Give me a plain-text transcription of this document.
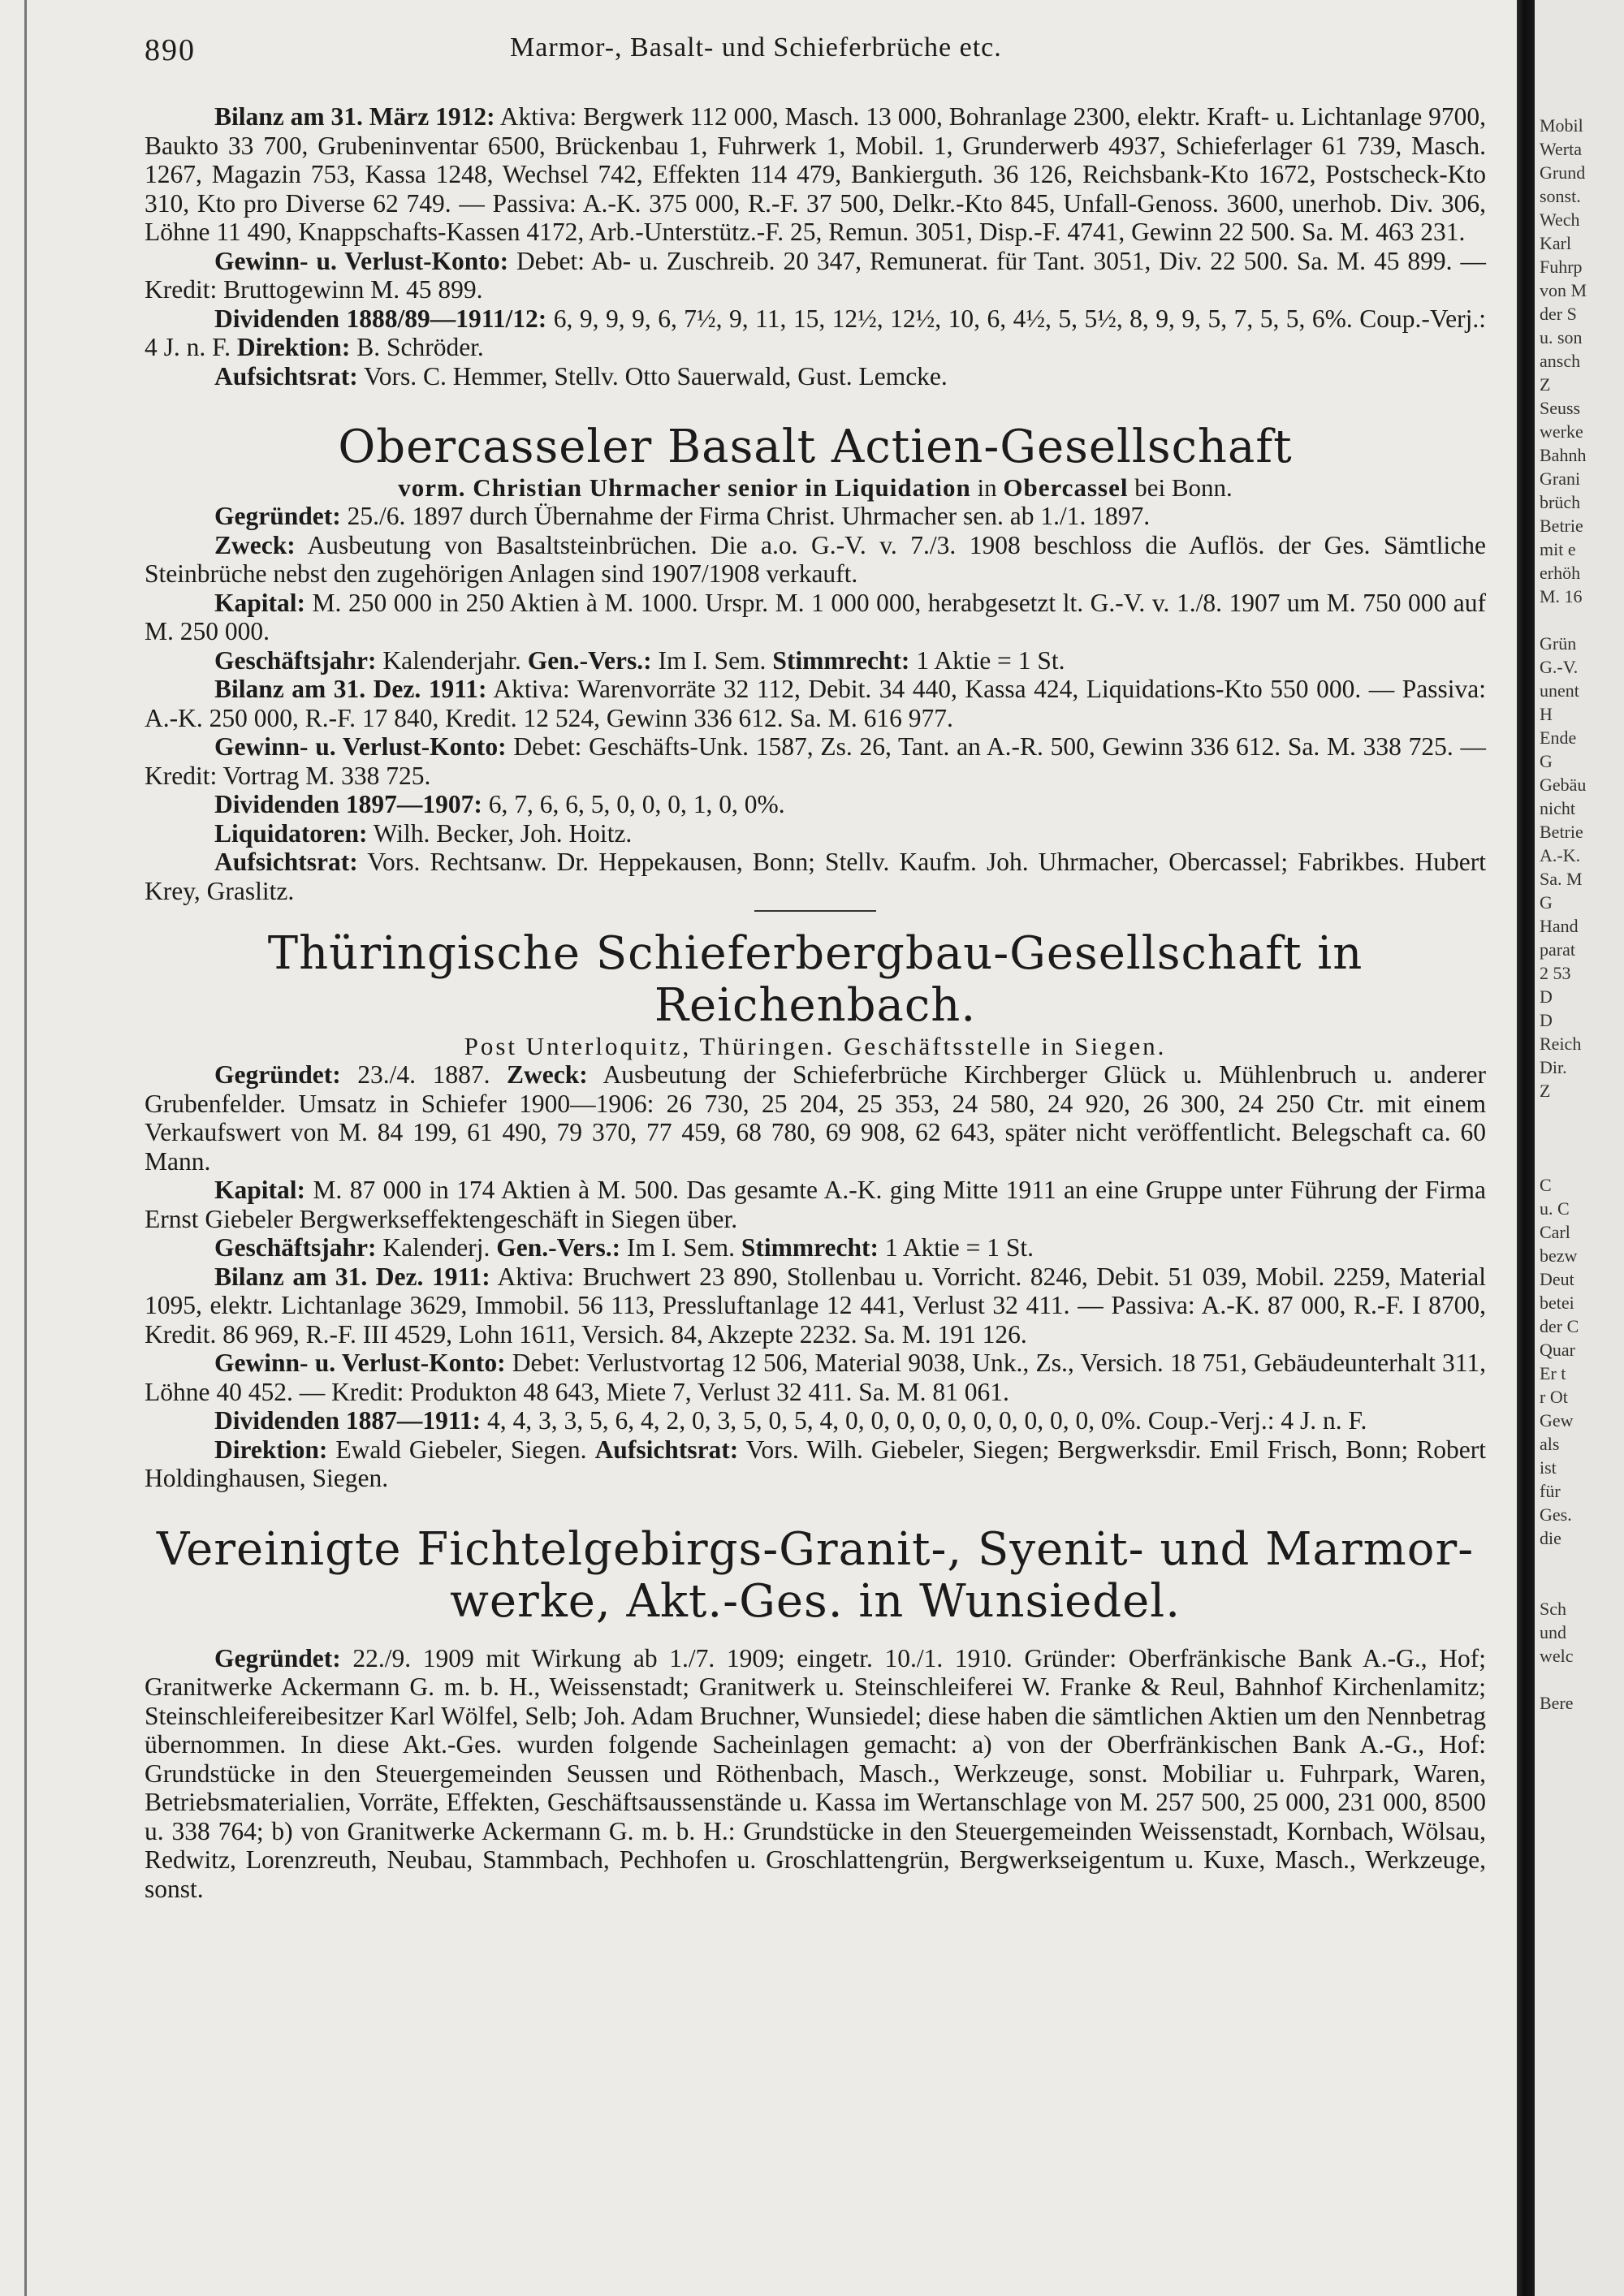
890	Marmor-, Basalt- und Schieferbrüche etc.

Bilanz am 31. März 1912: Aktiva: Bergwerk 112 000, Masch. 13 000, Bohranlage 2300, elektr. Kraft- u. Lichtanlage 9700, Baukto 33 700, Grubeninventar 6500, Brückenbau 1, Fuhrwerk 1, Mobil. 1, Grunderwerb 4937, Schieferlager 61 739, Masch. 1267, Magazin 753, Kassa 1248, Wechsel 742, Effekten 114 479, Bankierguth. 36 126, Reichsbank-Kto 1672, Postscheck-Kto 310, Kto pro Diverse 62 749. — Passiva: A.-K. 375 000, R.-F. 37 500, Delkr.-Kto 845, Unfall-Genoss. 3600, unerhob. Div. 306, Löhne 11 490, Knappschafts-Kassen 4172, Arb.-Unterstütz.-F. 25, Remun. 3051, Disp.-F. 4741, Gewinn 22 500. Sa. M. 463 231.

Gewinn- u. Verlust-Konto: Debet: Ab- u. Zuschreib. 20 347, Remunerat. für Tant. 3051, Div. 22 500. Sa. M. 45 899. — Kredit: Bruttogewinn M. 45 899.

Dividenden 1888/89—1911/12: 6, 9, 9, 9, 6, 7½, 9, 11, 15, 12½, 12½, 10, 6, 4½, 5, 5½, 8, 9, 9, 5, 7, 5, 5, 6%. Coup.-Verj.: 4 J. n. F. Direktion: B. Schröder.

Aufsichtsrat: Vors. C. Hemmer, Stellv. Otto Sauerwald, Gust. Lemcke.

Obercasseler Basalt Actien-Gesellschaft

vorm. Christian Uhrmacher senior in Liquidation in Obercassel bei Bonn.

Gegründet: 25./6. 1897 durch Übernahme der Firma Christ. Uhrmacher sen. ab 1./1. 1897.

Zweck: Ausbeutung von Basaltsteinbrüchen. Die a.o. G.-V. v. 7./3. 1908 beschloss die Auflös. der Ges. Sämtliche Steinbrüche nebst den zugehörigen Anlagen sind 1907/1908 verkauft.

Kapital: M. 250 000 in 250 Aktien à M. 1000. Urspr. M. 1 000 000, herabgesetzt lt. G.-V. v. 1./8. 1907 um M. 750 000 auf M. 250 000.

Geschäftsjahr: Kalenderjahr. Gen.-Vers.: Im I. Sem. Stimmrecht: 1 Aktie = 1 St.

Bilanz am 31. Dez. 1911: Aktiva: Warenvorräte 32 112, Debit. 34 440, Kassa 424, Liquidations-Kto 550 000. — Passiva: A.-K. 250 000, R.-F. 17 840, Kredit. 12 524, Gewinn 336 612. Sa. M. 616 977.

Gewinn- u. Verlust-Konto: Debet: Geschäfts-Unk. 1587, Zs. 26, Tant. an A.-R. 500, Gewinn 336 612. Sa. M. 338 725. — Kredit: Vortrag M. 338 725.

Dividenden 1897—1907: 6, 7, 6, 6, 5, 0, 0, 0, 1, 0, 0%.

Liquidatoren: Wilh. Becker, Joh. Hoitz.

Aufsichtsrat: Vors. Rechtsanw. Dr. Heppekausen, Bonn; Stellv. Kaufm. Joh. Uhrmacher, Obercassel; Fabrikbes. Hubert Krey, Graslitz.

Thüringische Schieferbergbau-Gesellschaft in Reichenbach.

Post Unterloquitz, Thüringen. Geschäftsstelle in Siegen.

Gegründet: 23./4. 1887. Zweck: Ausbeutung der Schieferbrüche Kirchberger Glück u. Mühlenbruch u. anderer Grubenfelder. Umsatz in Schiefer 1900—1906: 26 730, 25 204, 25 353, 24 580, 24 920, 26 300, 24 250 Ctr. mit einem Verkaufswert von M. 84 199, 61 490, 79 370, 77 459, 68 780, 69 908, 62 643, später nicht veröffentlicht. Belegschaft ca. 60 Mann.

Kapital: M. 87 000 in 174 Aktien à M. 500. Das gesamte A.-K. ging Mitte 1911 an eine Gruppe unter Führung der Firma Ernst Giebeler Bergwerkseffektengeschäft in Siegen über.

Geschäftsjahr: Kalenderj. Gen.-Vers.: Im I. Sem. Stimmrecht: 1 Aktie = 1 St.

Bilanz am 31. Dez. 1911: Aktiva: Bruchwert 23 890, Stollenbau u. Vorricht. 8246, Debit. 51 039, Mobil. 2259, Material 1095, elektr. Lichtanlage 3629, Immobil. 56 113, Pressluftanlage 12 441, Verlust 32 411. — Passiva: A.-K. 87 000, R.-F. I 8700, Kredit. 86 969, R.-F. III 4529, Lohn 1611, Versich. 84, Akzepte 2232. Sa. M. 191 126.

Gewinn- u. Verlust-Konto: Debet: Verlustvortag 12 506, Material 9038, Unk., Zs., Versich. 18 751, Gebäudeunterhalt 311, Löhne 40 452. — Kredit: Produkton 48 643, Miete 7, Verlust 32 411. Sa. M. 81 061.

Dividenden 1887—1911: 4, 4, 3, 3, 5, 6, 4, 2, 0, 3, 5, 0, 5, 4, 0, 0, 0, 0, 0, 0, 0, 0, 0, 0, 0%. Coup.-Verj.: 4 J. n. F.

Direktion: Ewald Giebeler, Siegen. Aufsichtsrat: Vors. Wilh. Giebeler, Siegen; Bergwerksdir. Emil Frisch, Bonn; Robert Holdinghausen, Siegen.

Vereinigte Fichtelgebirgs-Granit-, Syenit- und Marmor-
werke, Akt.-Ges. in Wunsiedel.

Gegründet: 22./9. 1909 mit Wirkung ab 1./7. 1909; eingetr. 10./1. 1910. Gründer: Oberfränkische Bank A.-G., Hof; Granitwerke Ackermann G. m. b. H., Weissenstadt; Granitwerk u. Steinschleiferei W. Franke & Reul, Bahnhof Kirchenlamitz; Steinschleifereibesitzer Karl Wölfel, Selb; Joh. Adam Bruchner, Wunsiedel; diese haben die sämtlichen Aktien um den Nennbetrag übernommen. In diese Akt.-Ges. wurden folgende Sacheinlagen gemacht: a) von der Oberfränkischen Bank A.-G., Hof: Grundstücke in den Steuergemeinden Seussen und Röthenbach, Masch., Werkzeuge, sonst. Mobiliar u. Fuhrpark, Waren, Betriebsmaterialien, Vorräte, Effekten, Geschäftsaussenstände u. Kassa im Wertanschlage von M. 257 500, 25 000, 231 000, 8500 u. 338 764; b) von Granitwerke Ackermann G. m. b. H.: Grundstücke in den Steuergemeinden Weissenstadt, Kornbach, Wölsau, Redwitz, Lorenzreuth, Neubau, Stammbach, Pechhofen u. Groschlattengrün, Bergwerkseigentum u. Kuxe, Masch., Werkzeuge, sonst.

Mobil
Werta
Grund
sonst.
Wech
Karl
Fuhrp
von M
der S
u. son
ansch
Z
Seuss
werke
Bahnh
Grani
brüch
Betrie
mit e
erhöh
M. 16
Grün
G.-V.
unent
H
Ende
G
Gebäu
nicht
Betrie
A.-K.
Sa. M
G
Hand
parat
2 53
D
D
Reich
Dir.
Z
C
u. C
Carl
bezw
Deut
betei
der C
Quar
Er t
r Ot
Gew
als
ist
für
Ges.
die
Sch
und
welc
Bere
